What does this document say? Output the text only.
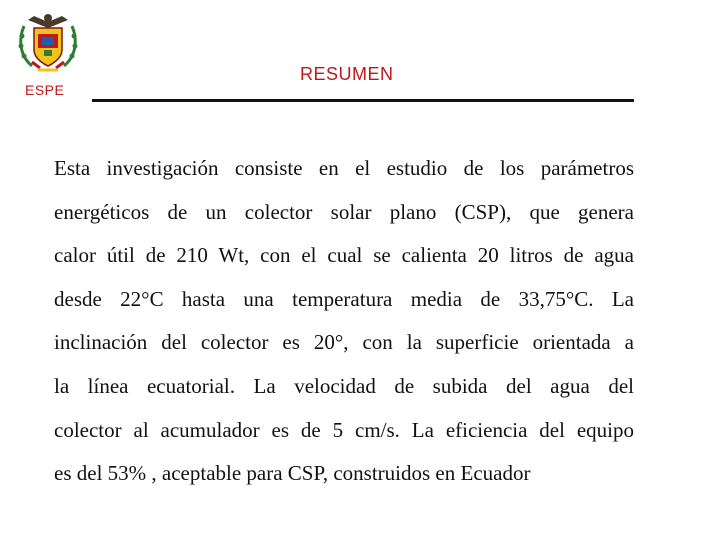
ESPE
RESUMEN
Esta investigación consiste en el estudio de los parámetros
energéticos de un colector solar plano (CSP), que genera
calor útil de 210 Wt, con el cual se calienta 20 litros de agua
desde 22°C hasta una temperatura media de 33,75°C. La
inclinación del colector es 20°, con la superficie orientada a
la línea ecuatorial. La velocidad de subida del agua del
colector al acumulador es de 5 cm/s. La eficiencia del equipo
es del 53% , aceptable para CSP, construidos en Ecuador
